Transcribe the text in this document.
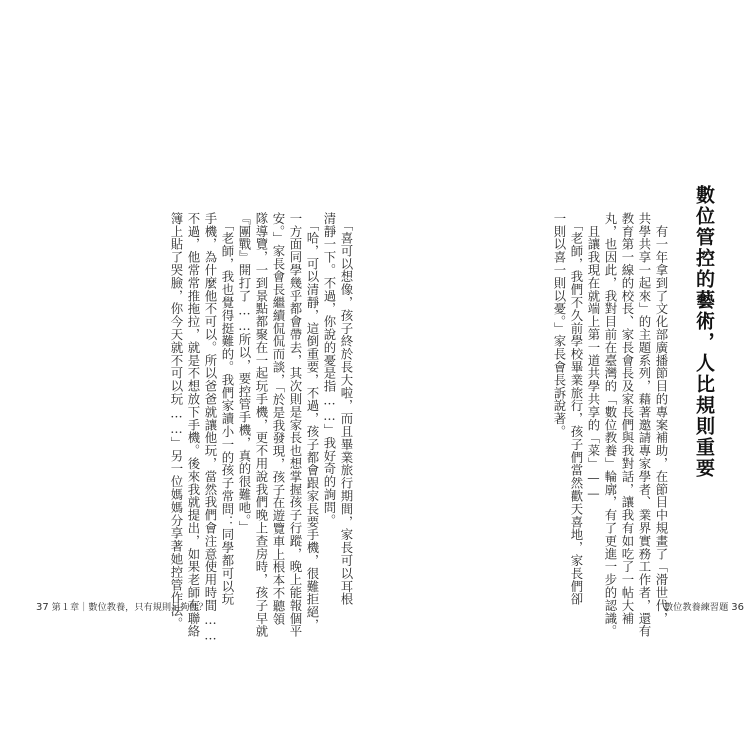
　「喜可以想像，孩子終於長大啦，而且畢業旅行期間，家長可以耳根
清靜一下。不過，你說的憂是指……」我好奇的詢問。
　「哈，可以清靜，這倒重要，不過，孩子都會跟家長要手機，很難拒絕，
一方面同學幾乎都會帶去，其次則是家長也想掌握孩子行蹤，晚上能報個平
安。」家長會長繼續侃侃而談，「於是我發現，孩子在遊覽車上根本不聽領
隊導覽，一到景點都聚在一起玩手機，更不用說我們晚上查房時，孩子早就
『團戰』開打了……所以，要控管手機，真的很難吔。」
　「老師，我也覺得挺難的。我們家讀小一的孩子常問：同學都可以玩
手機，為什麼他不可以。所以爸爸就讓他玩，當然我們會注意使用時間……
不過，他常常推拖拉，就是不想放下手機。後來我就提出，如果老師在聯絡
簿上貼了哭臉，你今天就不可以玩……」另一位媽媽分享著她控管作法。
37 第１章｜數位教養，只有規則足夠嗎？
數位管控的藝術，人比規則重要
　有一年拿到了文化部廣播節目的專案補助，在節目中規畫了「滑世代，
共學共享一起來」的主題系列，藉著邀請專家學者、業界實務工作者，還有
教育第一線的校長、家長會長及家長們與我對話，讓我有如吃了一帖大補
丸，也因此，我對目前在臺灣的「數位教養」輪廓，有了更進一步的認識。
　且讓我現在就端上第一道共學共享的「菜」——
　「老師，我們不久前學校畢業旅行，孩子們當然歡天喜地，家長們卻
一則以喜一則以憂。」家長會長訴說著。
數位教養練習題 36
